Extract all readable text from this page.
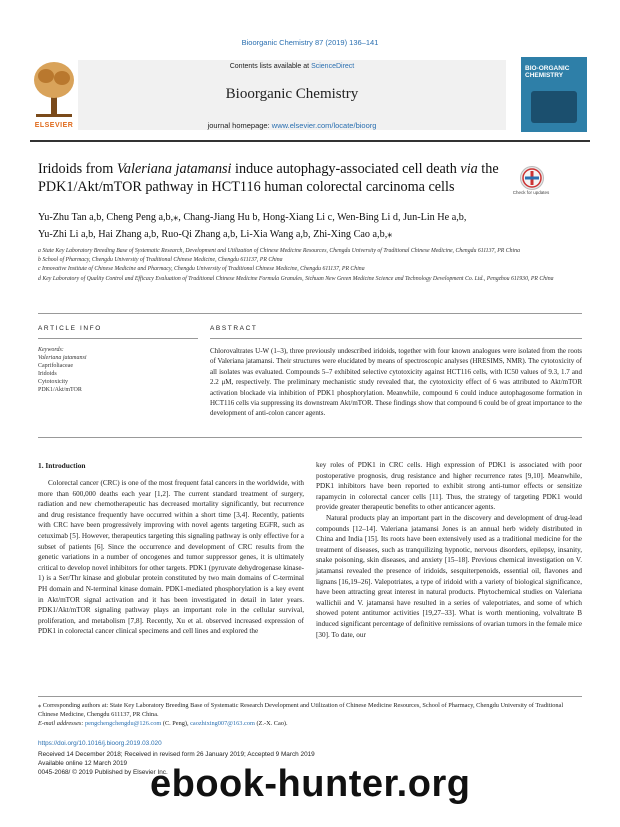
Bioorganic Chemistry 87 (2019) 136–141
ELSEVIER
Contents lists available at ScienceDirect
Bioorganic Chemistry
journal homepage: www.elsevier.com/locate/bioorg
BIO-ORGANIC CHEMISTRY
Iridoids from Valeriana jatamansi induce autophagy-associated cell death via the PDK1/Akt/mTOR pathway in HCT116 human colorectal carcinoma cells	Check for updates
Yu-Zhu Tan a,b, Cheng Peng a,b,⁎, Chang-Jiang Hu b, Hong-Xiang Li c, Wen-Bing Li d, Jun-Lin He a,b,
Yu-Zhi Li a,b, Hai Zhang a,b, Ruo-Qi Zhang a,b, Li-Xia Wang a,b, Zhi-Xing Cao a,b,⁎

a State Key Laboratory Breeding Base of Systematic Research, Development and Utilization of Chinese Medicine Resources, Chengdu University of Traditional Chinese Medicine, Chengdu 611137, PR China

b School of Pharmacy, Chengdu University of Traditional Chinese Medicine, Chengdu 611137, PR China

c Innovative Institute of Chinese Medicine and Pharmacy, Chengdu University of Traditional Chinese Medicine, Chengdu 611137, PR China

d Key Laboratory of Quality Control and Efficacy Evaluation of Traditional Chinese Medicine Formula Granules, Sichuan New Green Medicine Science and Technology Development Co. Ltd., Pengzhou 611930, PR China

ARTICLE INFO	ABSTRACT
Keywords:
Valeriana jatamansi
Caprifoliaceae
Iridoids
Cytotoxicity
PDK1/Akt/mTOR
Chlorovaltrates U-W (1–3), three previously undescribed iridoids, together with four known analogues were isolated from the roots of Valeriana jatamansi. Their structures were elucidated by means of spectroscopic analyses (HRESIMS, NMR). The cytotoxicity of all isolates was evaluated. Compounds 5–7 exhibited selective cytotoxicity against HCT116 cells, with IC50 values of 9.3, 1.7 and 2.2 μM, respectively. The preliminary mechanistic study revealed that, the cytotoxicity effect of 6 was attributed to Akt/mTOR activation blockade via inhibition of PDK1 phosphorylation. Meanwhile, compound 6 could induce autophagosome formation in HCT116 cells via suppressing its downstream Akt/mTOR. These findings show that compound 6 could be of great importance to the development of anti-colon cancer agents.
1. Introduction

Colorectal cancer (CRC) is one of the most frequent fatal cancers in the worldwide, with more than 600,000 deaths each year [1,2]. The current standard treatment of surgery, radiation and new chemotherapeutic has decreased mortality significantly, but recurrence and drug resistance frequently have occurred within a short time [3,4]. Recently, patients with CRC have been progressively improving with novel agents targeting EGFR, such as cetuximab [5]. However, therapeutics targeting this signaling pathway is only effective for a subset of patients [6]. Since the occurrence and development of CRC results from the genetic variations in a number of oncogenes and tumor suppressor genes, it is ultimately critical to develop novel inhibitors for other targets. PDK1 (pyruvate dehydrogenase kinase-1) is a Ser/Thr kinase and globular protein constituted by two main domains of C-terminal PH domain and N-terminal kinase domain. PDK1-mediated phosphorylation is a key event in Akt/mTOR signal activation and it has been investigated in detail in later years. PDK1/Akt/mTOR signaling pathway plays an important role in the cellular survival, proliferation, and metabolism [7,8]. Recently, Xu et al. observed increased expression of PDK1 in colorectal cancer clinical specimens and cell lines and explored the

key roles of PDK1 in CRC cells. High expression of PDK1 is associated with poor postoperative prognosis, drug resistance and higher recurrence rates [9,10]. Meanwhile, PDK1 inhibitors have been reported to exhibit strong anti-tumor effects or sensitize rapamycin in colorectal cancer cells [11]. Thus, the strategy of targeting PDK1 would provide greater therapeutic benefits to other anticancer agents.

Natural products play an important part in the discovery and development of drug-lead compounds [12–14]. Valeriana jatamansi Jones is an annual herb widely distributed in China and India [15]. Its roots have been extensively used as a traditional medicine for the treatment of diseases, such as tranquilizing hypnotic, nervous disorders, epilepsy, insanity, snake poisoning, skin diseases, and anxiety [15–18]. Previous chemical investigation on V. jatamansi revealed the presence of iridoids, sesquiterpenoids, essential oil, flavones and lignans [16,19–26]. Valepotriates, a type of iridoid with a variety of biological significance, have been attracting great interest in natural products. Phytochemical studies on Valeriana wallichii and V. jatamansi have resulted in a series of valepotriates, and some of which showed potent antitumor activities [19,27–33]. What is worth mentioning, volvaltrate B induced significant percentage of definitive remissions of ovarian tumors in the female mice [30]. To date, our

⁎ Corresponding authors at: State Key Laboratory Breeding Base of Systematic Research Development and Utilization of Chinese Medicine Resources, School of Pharmacy, Chengdu University of Traditional Chinese Medicine, Chengdu 611137, PR China.
E-mail addresses: pengchengchengdu@126.com (C. Peng), caozhixing007@163.com (Z.-X. Cao).
https://doi.org/10.1016/j.bioorg.2019.03.020
Received 14 December 2018; Received in revised form 26 January 2019; Accepted 9 March 2019
Available online 12 March 2019
0045-2068/ © 2019 Published by Elsevier Inc.
ebook-hunter.org
